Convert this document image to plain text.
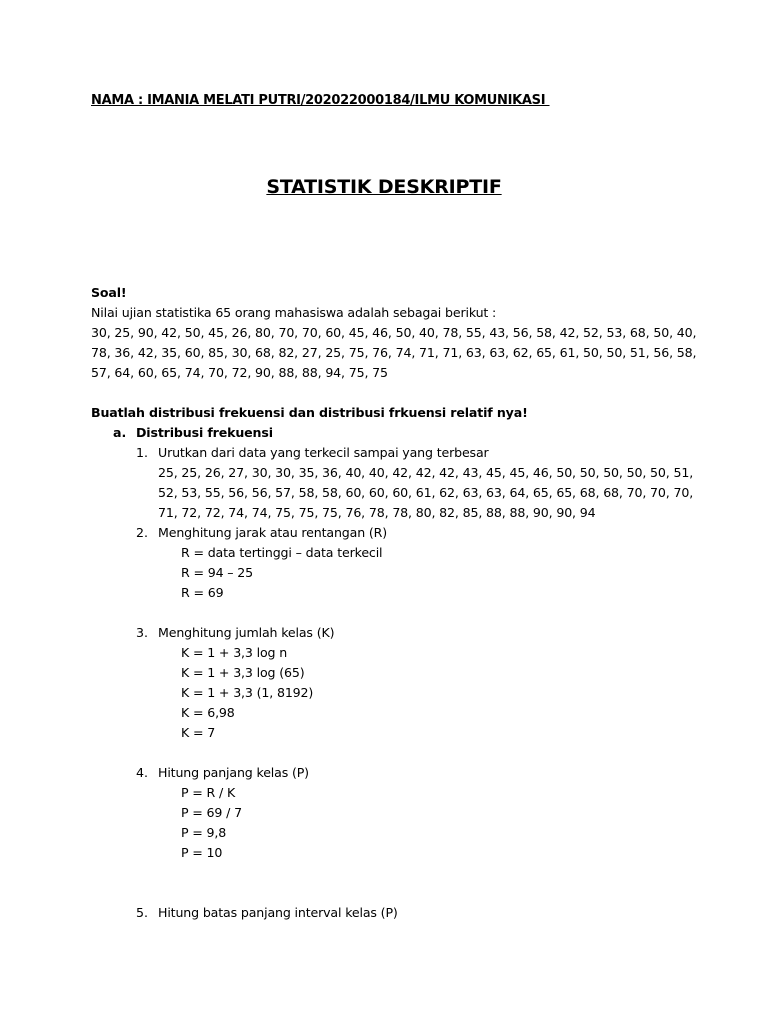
NAMA : IMANIA MELATI PUTRI/202022000184/ILMU KOMUNIKASI
STATISTIK DESKRIPTIF
Soal!
Nilai ujian statistika 65 orang mahasiswa adalah sebagai berikut :
30, 25, 90, 42, 50, 45, 26, 80, 70, 70, 60, 45, 46, 50, 40, 78, 55, 43, 56, 58, 42, 52, 53, 68, 50, 40,
78, 36, 42, 35, 60, 85, 30, 68, 82, 27, 25, 75, 76, 74, 71, 71, 63, 63, 62, 65, 61, 50, 50, 51, 56, 58,
57, 64, 60, 65, 74, 70, 72, 90, 88, 88, 94, 75, 75
Buatlah distribusi frekuensi dan distribusi frkuensi relatif nya!
a. Distribusi frekuensi
1. Urutkan dari data yang terkecil sampai yang terbesar
25, 25, 26, 27, 30, 30, 35, 36, 40, 40, 42, 42, 42, 43, 45, 45, 46, 50, 50, 50, 50, 50, 51,
52, 53, 55, 56, 56, 57, 58, 58, 60, 60, 60, 61, 62, 63, 63, 64, 65, 65, 68, 68, 70, 70, 70,
71, 72, 72, 74, 74, 75, 75, 75, 76, 78, 78, 80, 82, 85, 88, 88, 90, 90, 94
2. Menghitung jarak atau rentangan (R)
R = data tertinggi – data terkecil
R = 94 – 25
R = 69
3. Menghitung jumlah kelas (K)
K = 1 + 3,3 log n
K = 1 + 3,3 log (65)
K = 1 + 3,3 (1, 8192)
K = 6,98
K = 7
4. Hitung panjang kelas (P)
P = R / K
P = 69 / 7
P = 9,8
P = 10
5. Hitung batas panjang interval kelas (P)
